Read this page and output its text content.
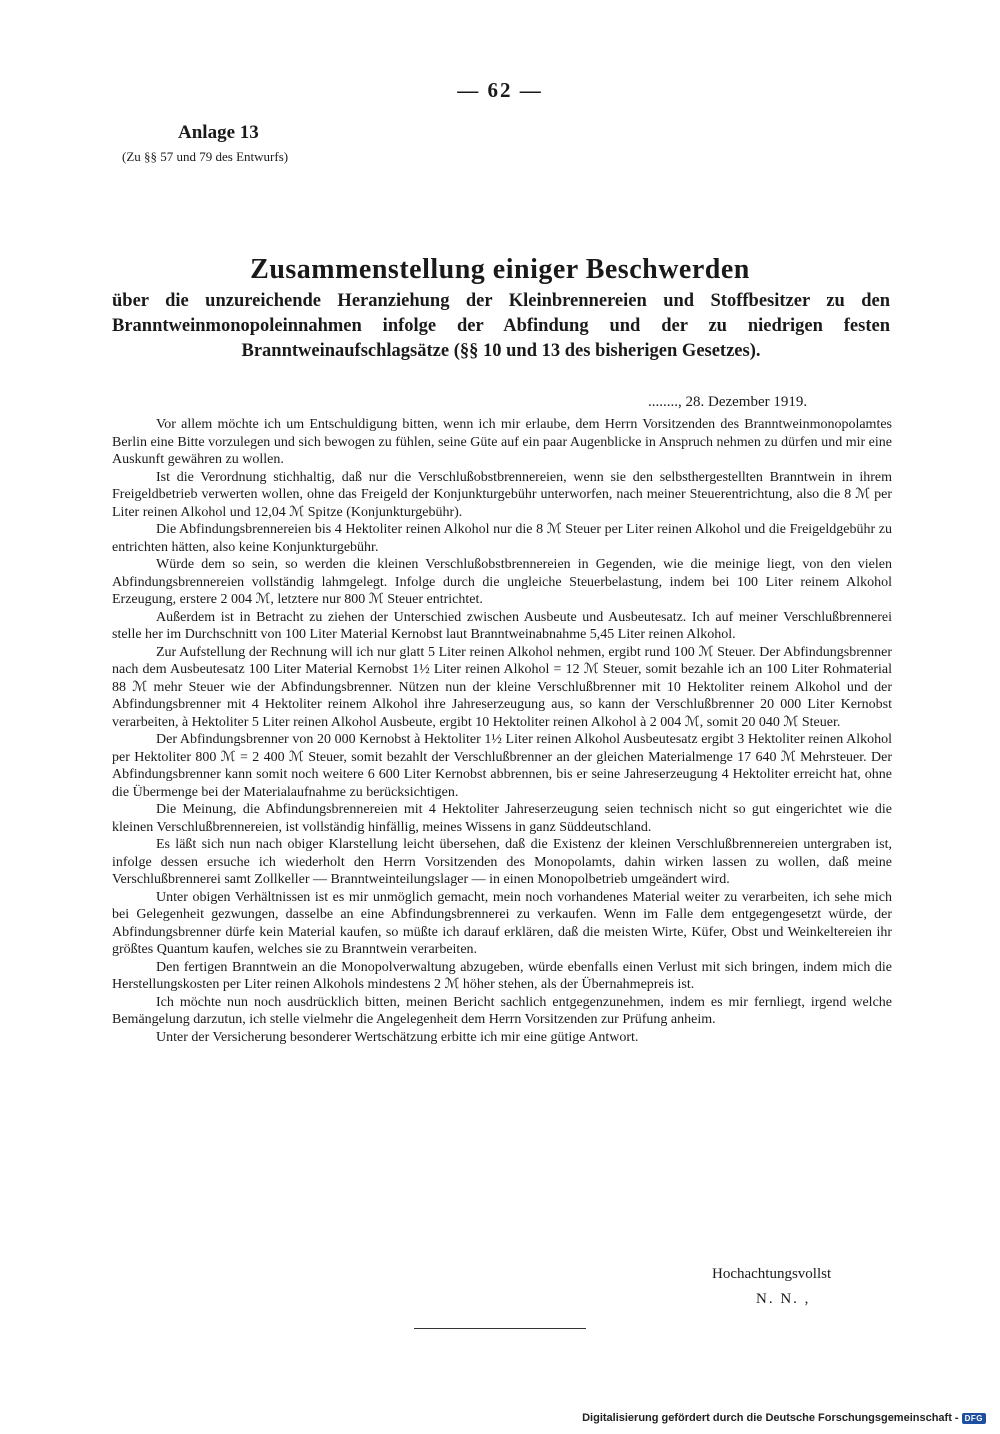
— 62 —
Anlage 13
(Zu §§ 57 und 79 des Entwurfs)
Zusammenstellung einiger Beschwerden
über die unzureichende Heranziehung der Kleinbrennereien und Stoffbesitzer zu den Branntweinmonopoleinnahmen infolge der Abfindung und der zu niedrigen festen Branntweinaufschlagsätze (§§ 10 und 13 des bisherigen Gesetzes).
........, 28. Dezember 1919.

Vor allem möchte ich um Entschuldigung bitten, wenn ich mir erlaube, dem Herrn Vorsitzenden des Branntweinmonopolamtes Berlin eine Bitte vorzulegen und sich bewogen zu fühlen, seine Güte auf ein paar Augenblicke in Anspruch nehmen zu dürfen und mir eine Auskunft gewähren zu wollen.

Ist die Verordnung stichhaltig, daß nur die Verschlußobstbrennereien, wenn sie den selbsthergestellten Branntwein in ihrem Freigeldbetrieb verwerten wollen, ohne das Freigeld der Konjunkturgebühr unterworfen, nach meiner Steuerentrichtung, also die 8 ℳ per Liter reinen Alkohol und 12,04 ℳ Spitze (Konjunkturgebühr).

Die Abfindungsbrennereien bis 4 Hektoliter reinen Alkohol nur die 8 ℳ Steuer per Liter reinen Alkohol und die Freigeldgebühr zu entrichten hätten, also keine Konjunkturgebühr.

Würde dem so sein, so werden die kleinen Verschlußobstbrennereien in Gegenden, wie die meinige liegt, von den vielen Abfindungsbrennereien vollständig lahmgelegt. Infolge durch die ungleiche Steuerbelastung, indem bei 100 Liter reinem Alkohol Erzeugung, erstere 2 004 ℳ, letztere nur 800 ℳ Steuer entrichtet.

Außerdem ist in Betracht zu ziehen der Unterschied zwischen Ausbeute und Ausbeutesatz. Ich auf meiner Verschlußbrennerei stelle her im Durchschnitt von 100 Liter Material Kernobst laut Branntweinabnahme 5,45 Liter reinen Alkohol.

Zur Aufstellung der Rechnung will ich nur glatt 5 Liter reinen Alkohol nehmen, ergibt rund 100 ℳ Steuer. Der Abfindungsbrenner nach dem Ausbeutesatz 100 Liter Material Kernobst 1½ Liter reinen Alkohol = 12 ℳ Steuer, somit bezahle ich an 100 Liter Rohmaterial 88 ℳ mehr Steuer wie der Abfindungsbrenner. Nützen nun der kleine Verschlußbrenner mit 10 Hektoliter reinem Alkohol und der Abfindungsbrenner mit 4 Hektoliter reinem Alkohol ihre Jahreserzeugung aus, so kann der Verschlußbrenner 20 000 Liter Kernobst verarbeiten, à Hektoliter 5 Liter reinen Alkohol Ausbeute, ergibt 10 Hektoliter reinen Alkohol à 2 004 ℳ, somit 20 040 ℳ Steuer.

Der Abfindungsbrenner von 20 000 Kernobst à Hektoliter 1½ Liter reinen Alkohol Ausbeutesatz ergibt 3 Hektoliter reinen Alkohol per Hektoliter 800 ℳ = 2 400 ℳ Steuer, somit bezahlt der Verschlußbrenner an der gleichen Materialmenge 17 640 ℳ Mehrsteuer. Der Abfindungsbrenner kann somit noch weitere 6 600 Liter Kernobst abbrennen, bis er seine Jahreserzeugung 4 Hektoliter erreicht hat, ohne die Übermenge bei der Materialaufnahme zu berücksichtigen.

Die Meinung, die Abfindungsbrennereien mit 4 Hektoliter Jahreserzeugung seien technisch nicht so gut eingerichtet wie die kleinen Verschlußbrennereien, ist vollständig hinfällig, meines Wissens in ganz Süddeutschland.

Es läßt sich nun nach obiger Klarstellung leicht übersehen, daß die Existenz der kleinen Verschlußbrennereien untergraben ist, infolge dessen ersuche ich wiederholt den Herrn Vorsitzenden des Monopolamts, dahin wirken lassen zu wollen, daß meine Verschlußbrennerei samt Zollkeller — Branntweinteilungslager — in einen Monopolbetrieb umgeändert wird.

Unter obigen Verhältnissen ist es mir unmöglich gemacht, mein noch vorhandenes Material weiter zu verarbeiten, ich sehe mich bei Gelegenheit gezwungen, dasselbe an eine Abfindungsbrennerei zu verkaufen. Wenn im Falle dem entgegengesetzt würde, der Abfindungsbrenner dürfe kein Material kaufen, so müßte ich darauf erklären, daß die meisten Wirte, Küfer, Obst und Weinkeltereien ihr größtes Quantum kaufen, welches sie zu Branntwein verarbeiten.

Den fertigen Branntwein an die Monopolverwaltung abzugeben, würde ebenfalls einen Verlust mit sich bringen, indem mich die Herstellungskosten per Liter reinen Alkohols mindestens 2 ℳ höher stehen, als der Übernahmepreis ist.

Ich möchte nun noch ausdrücklich bitten, meinen Bericht sachlich entgegenzunehmen, indem es mir fernliegt, irgend welche Bemängelung darzutun, ich stelle vielmehr die Angelegenheit dem Herrn Vorsitzenden zur Prüfung anheim.

Unter der Versicherung besonderer Wertschätzung erbitte ich mir eine gütige Antwort.

Hochachtungsvollst
N. N. ,
Digitalisierung gefördert durch die Deutsche Forschungsgemeinschaft - DFG
